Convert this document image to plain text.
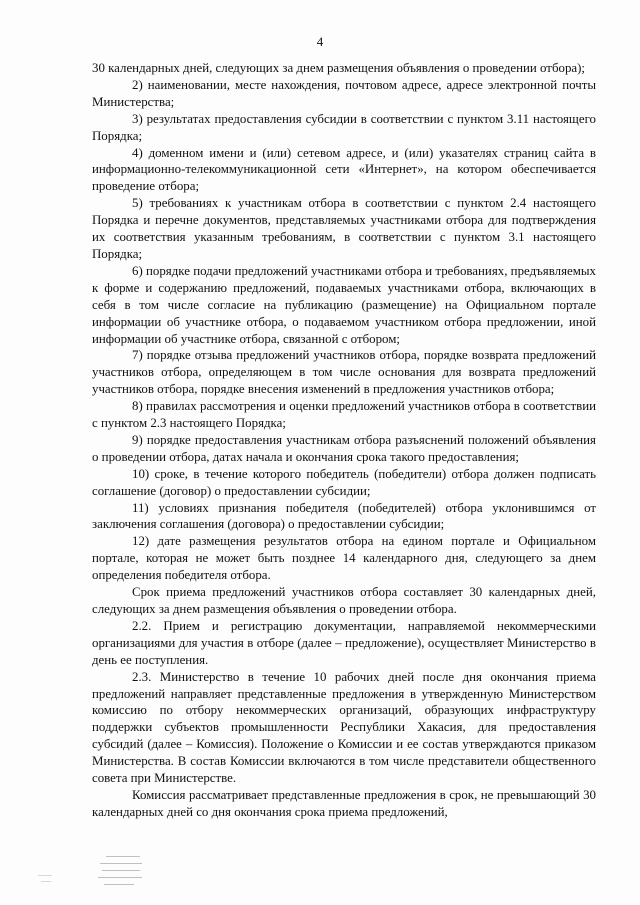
4

30 календарных дней, следующих за днем размещения объявления о проведении отбора);

2) наименовании, месте нахождения, почтовом адресе, адресе электронной почты Министерства;

3) результатах предоставления субсидии в соответствии с пунктом 3.11 настоящего Порядка;

4) доменном имени и (или) сетевом адресе, и (или) указателях страниц сайта в информационно-телекоммуникационной сети «Интернет», на котором обеспечивается проведение отбора;

5) требованиях к участникам отбора в соответствии с пунктом 2.4 настоящего Порядка и перечне документов, представляемых участниками отбора для подтверждения их соответствия указанным требованиям, в соответствии с пунктом 3.1 настоящего Порядка;

6) порядке подачи предложений участниками отбора и требованиях, предъявляемых к форме и содержанию предложений, подаваемых участниками отбора, включающих в себя в том числе согласие на публикацию (размещение) на Официальном портале информации об участнике отбора, о подаваемом участником отбора предложении, иной информации об участнике отбора, связанной с отбором;

7) порядке отзыва предложений участников отбора, порядке возврата предложений участников отбора, определяющем в том числе основания для возврата предложений участников отбора, порядке внесения изменений в предложения участников отбора;

8) правилах рассмотрения и оценки предложений участников отбора в соответствии с пунктом 2.3 настоящего Порядка;

9) порядке предоставления участникам отбора разъяснений положений объявления о проведении отбора, датах начала и окончания срока такого предоставления;

10) сроке, в течение которого победитель (победители) отбора должен подписать соглашение (договор) о предоставлении субсидии;

11) условиях признания победителя (победителей) отбора уклонившимся от заключения соглашения (договора) о предоставлении субсидии;

12) дате размещения результатов отбора на едином портале и Официальном портале, которая не может быть позднее 14 календарного дня, следующего за днем определения победителя отбора.

Срок приема предложений участников отбора составляет 30 календарных дней, следующих за днем размещения объявления о проведении отбора.

2.2. Прием и регистрацию документации, направляемой некоммерческими организациями для участия в отборе (далее – предложение), осуществляет Министерство в день ее поступления.

2.3. Министерство в течение 10 рабочих дней после дня окончания приема предложений направляет представленные предложения в утвержденную Министерством комиссию по отбору некоммерческих организаций, образующих инфраструктуру поддержки субъектов промышленности Республики Хакасия, для предоставления субсидий (далее – Комиссия). Положение о Комиссии и ее состав утверждаются приказом Министерства. В состав Комиссии включаются в том числе представители общественного совета при Министерстве.

Комиссия рассматривает представленные предложения в срок, не превышающий 30 календарных дней со дня окончания срока приема предложений,
